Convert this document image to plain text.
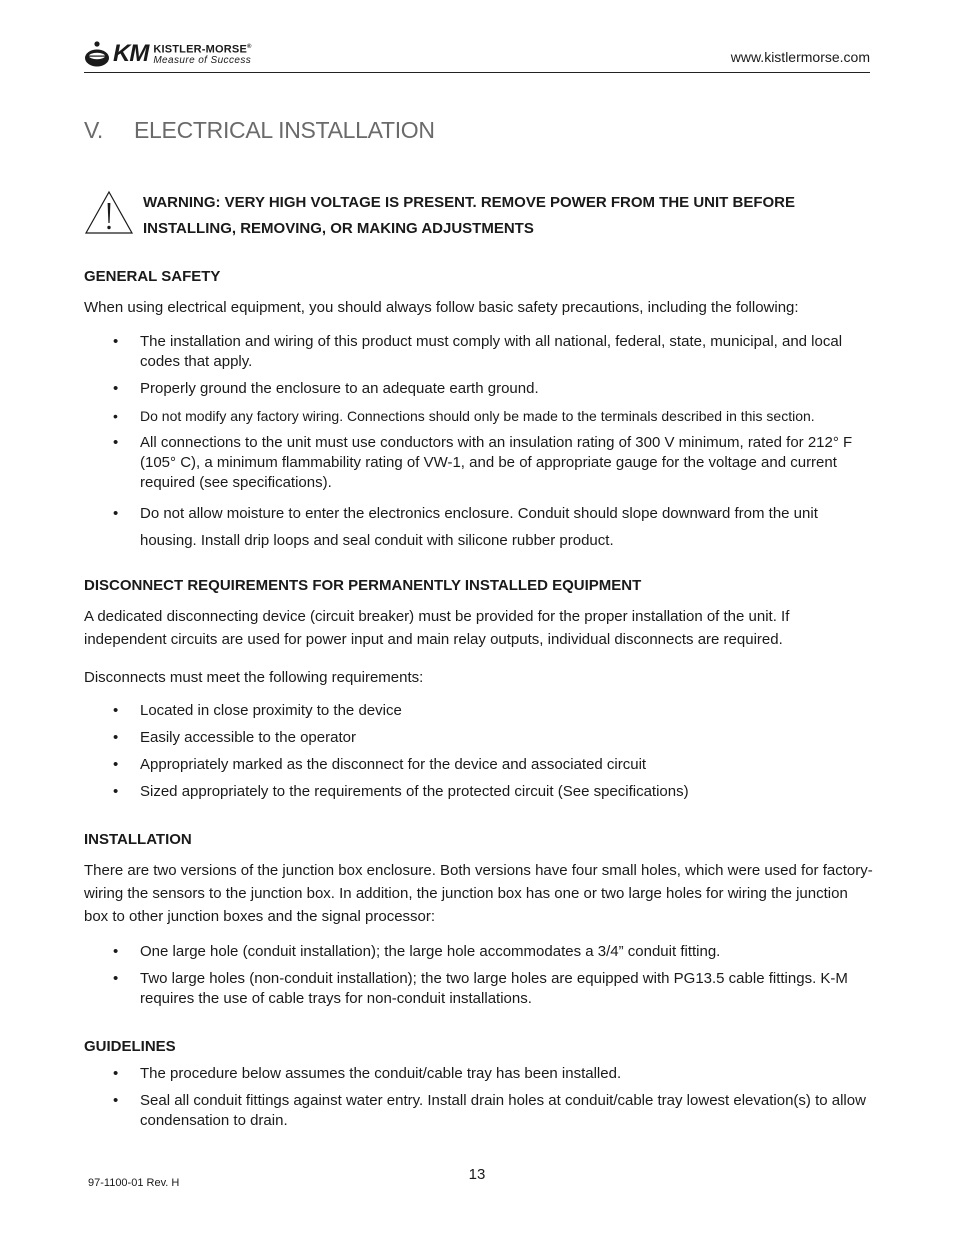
KM KISTLER-MORSE®
Measure of Success	www.kistlermorse.com
V. ELECTRICAL INSTALLATION
WARNING: VERY HIGH VOLTAGE IS PRESENT. REMOVE POWER FROM THE UNIT BEFORE
INSTALLING, REMOVING, OR MAKING ADJUSTMENTS
GENERAL SAFETY

When using electrical equipment, you should always follow basic safety precautions, including the following:

• The installation and wiring of this product must comply with all national, federal, state, municipal, and local codes that apply.
• Properly ground the enclosure to an adequate earth ground.
• Do not modify any factory wiring. Connections should only be made to the terminals described in this section.
• All connections to the unit must use conductors with an insulation rating of 300 V minimum, rated for 212° F (105° C), a minimum flammability rating of VW-1, and be of appropriate gauge for the voltage and current required (see specifications).
• Do not allow moisture to enter the electronics enclosure. Conduit should slope downward from the unit housing. Install drip loops and seal conduit with silicone rubber product.
DISCONNECT REQUIREMENTS FOR PERMANENTLY INSTALLED EQUIPMENT

A dedicated disconnecting device (circuit breaker) must be provided for the proper installation of the unit. If independent circuits are used for power input and main relay outputs, individual disconnects are required.

Disconnects must meet the following requirements:

• Located in close proximity to the device
• Easily accessible to the operator
• Appropriately marked as the disconnect for the device and associated circuit
• Sized appropriately to the requirements of the protected circuit (See specifications)
INSTALLATION

There are two versions of the junction box enclosure. Both versions have four small holes, which were used for factory-wiring the sensors to the junction box. In addition, the junction box has one or two large holes for wiring the junction box to other junction boxes and the signal processor:

• One large hole (conduit installation); the large hole accommodates a 3/4” conduit fitting.
• Two large holes (non-conduit installation); the two large holes are equipped with PG13.5 cable fittings. K-M requires the use of cable trays for non-conduit installations.
GUIDELINES
• The procedure below assumes the conduit/cable tray has been installed.
• Seal all conduit fittings against water entry. Install drain holes at conduit/cable tray lowest elevation(s) to allow condensation to drain.
13
97-1100-01 Rev. H
